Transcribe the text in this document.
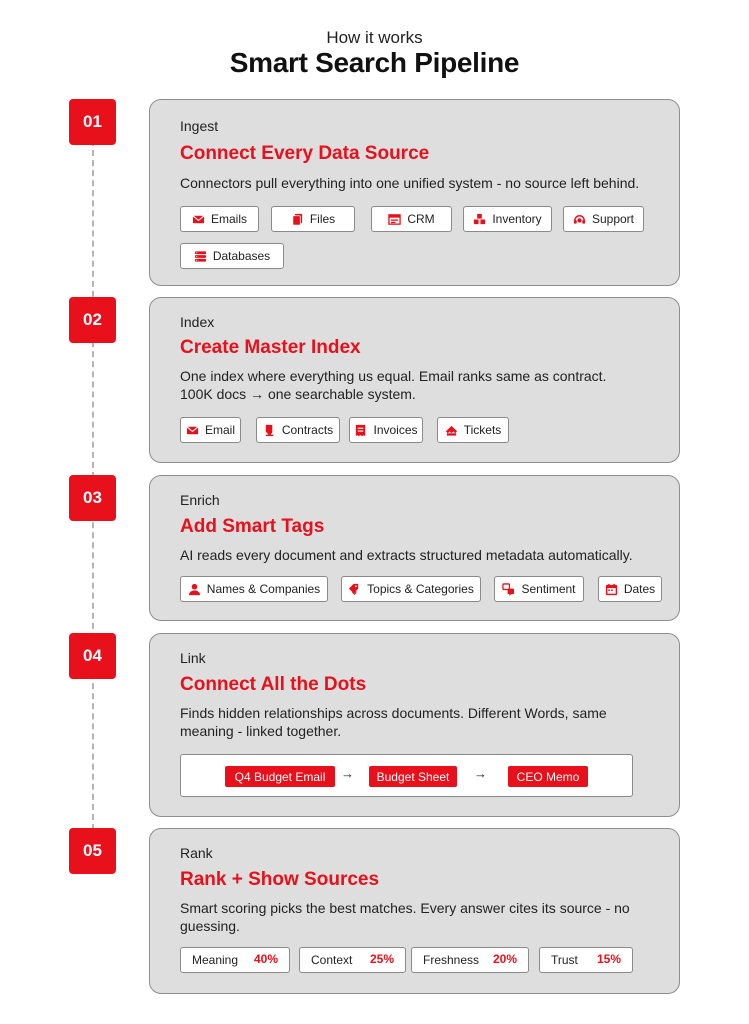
How it works
Smart Search Pipeline
01	Ingest
Connect Every Data Source
Connectors pull everything into one unified system - no source left behind.
Emails	Files	CRM	Inventory	Support
Databases
02	Index
Create Master Index
One index where everything us equal. Email ranks same as contract. 100K docs → one searchable system.
Email	Contracts	Invoices	Tickets
03	Enrich
Add Smart Tags
AI reads every document and extracts structured metadata automatically.
Names & Companies	Topics & Categories	Sentiment	Dates
04	Link
Connect All the Dots
Finds hidden relationships across documents. Different Words, same meaning - linked together.
Q4 Budget Email	→	Budget Sheet	→	CEO Memo
05	Rank
Rank + Show Sources
Smart scoring picks the best matches. Every answer cites its source - no guessing.
Meaning 40%	Context 25% Freshness 20%	Trust 15%
